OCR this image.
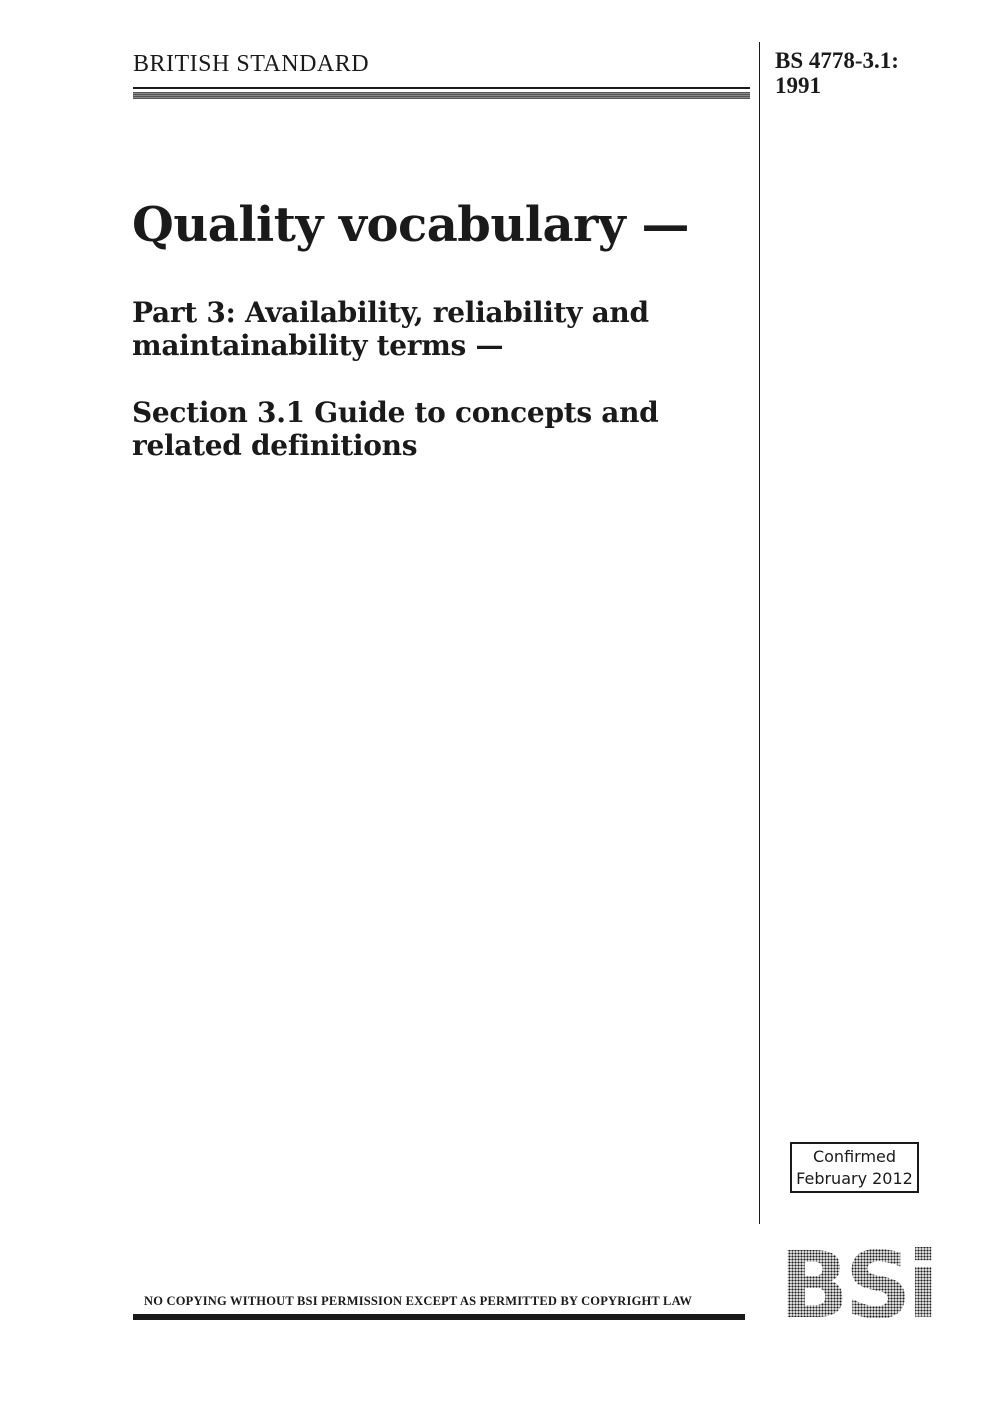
BRITISH STANDARD	BS 4778-3.1:
1991
Quality vocabulary —
Part 3: Availability, reliability and maintainability terms —
Section 3.1 Guide to concepts and related definitions
Confirmed
February 2012
NO COPYING WITHOUT BSI PERMISSION EXCEPT AS PERMITTED BY COPYRIGHT LAW
